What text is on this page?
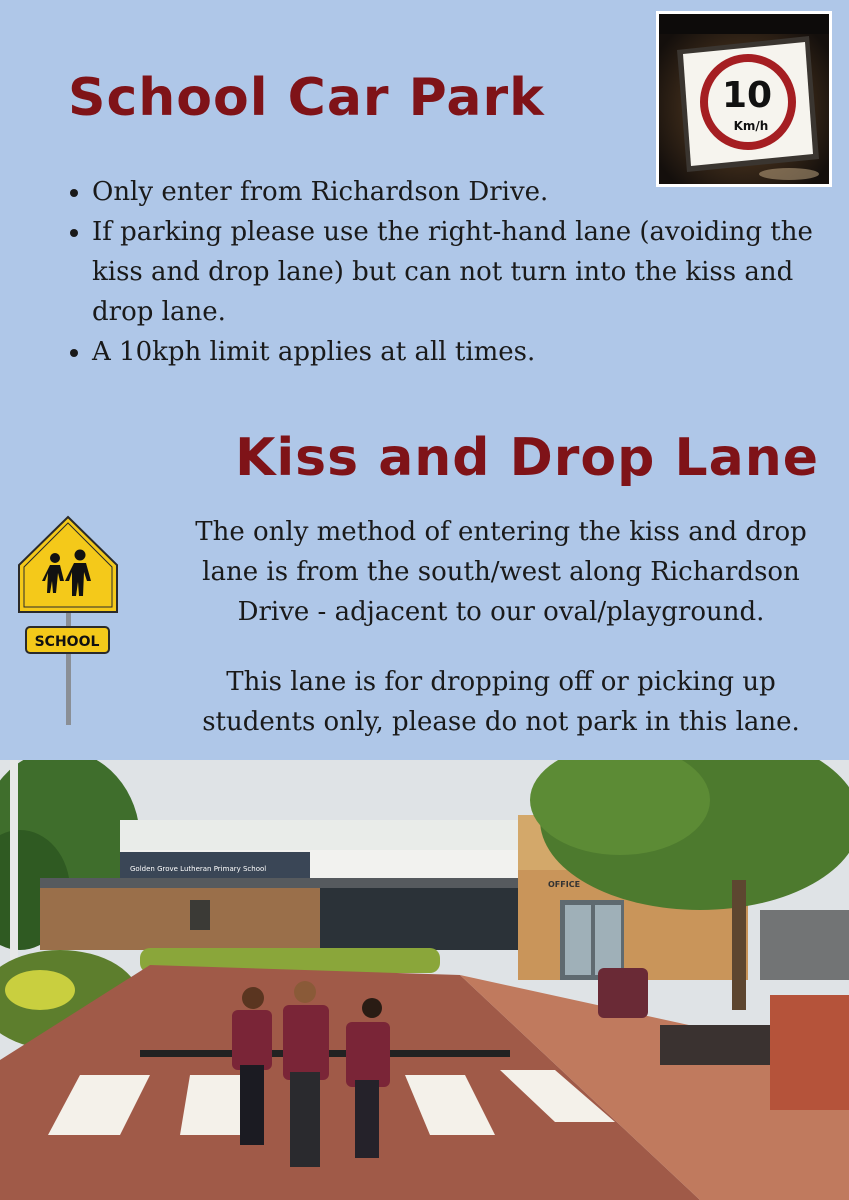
School Car Park	10
Km/h
• Only enter from Richardson Drive.
• If parking please use the right-hand lane (avoiding the kiss and drop lane) but can not turn into the kiss and drop lane.
• A 10kph limit applies at all times.
Kiss and Drop Lane
SCHOOL

The only method of entering the kiss and drop lane is from the south/west along Richardson Drive - adjacent to our oval/playground.

This lane is for dropping off or picking up students only, please do not park in this lane.

Golden Grove Lutheran Primary School
OFFICE
